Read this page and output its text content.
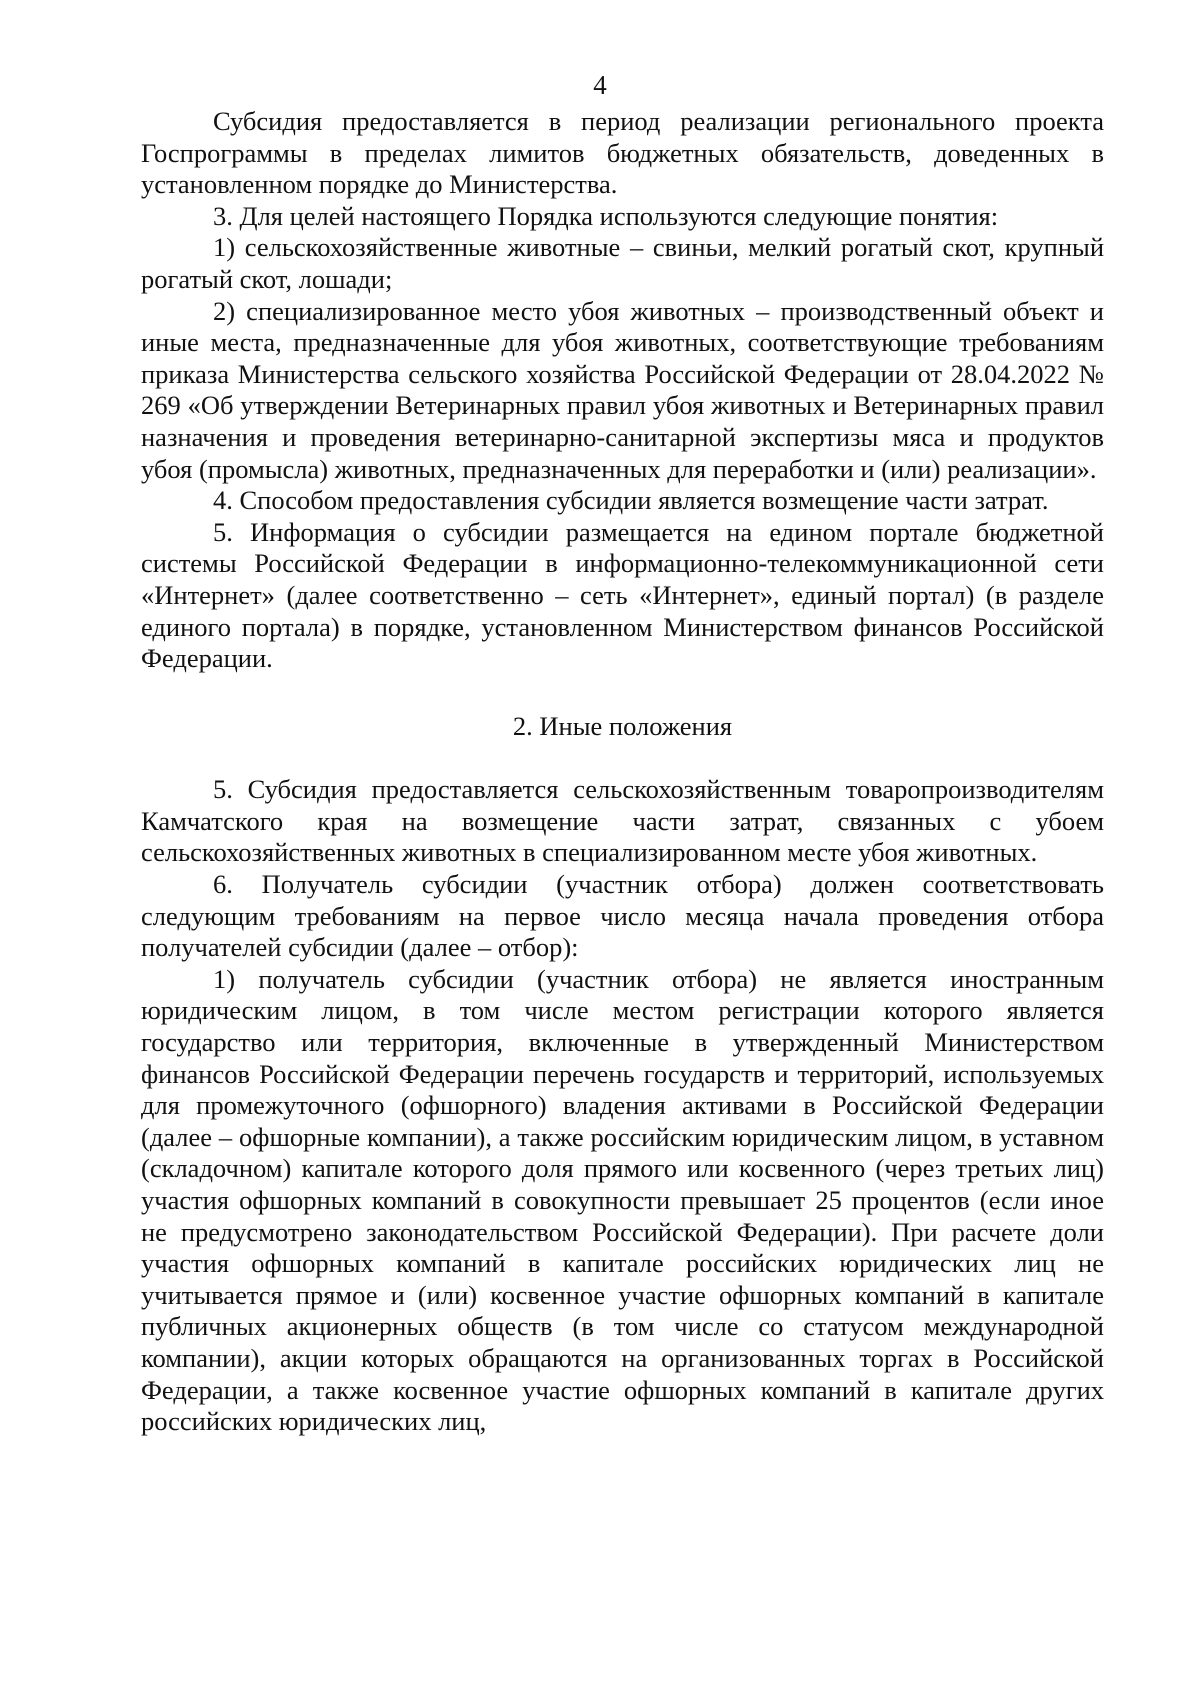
4

Субсидия предоставляется в период реализации регионального проекта Госпрограммы в пределах лимитов бюджетных обязательств, доведенных в установленном порядке до Министерства.

3. Для целей настоящего Порядка используются следующие понятия:

1) сельскохозяйственные животные – свиньи, мелкий рогатый скот, крупный рогатый скот, лошади;

2) специализированное место убоя животных – производственный объект и иные места, предназначенные для убоя животных, соответствующие требованиям приказа Министерства сельского хозяйства Российской Федерации от 28.04.2022 № 269 «Об утверждении Ветеринарных правил убоя животных и Ветеринарных правил назначения и проведения ветеринарно-санитарной экспертизы мяса и продуктов убоя (промысла) животных, предназначенных для переработки и (или) реализации».

4. Способом предоставления субсидии является возмещение части затрат.

5. Информация о субсидии размещается на едином портале бюджетной системы Российской Федерации в информационно-телекоммуникационной сети «Интернет» (далее соответственно – сеть «Интернет», единый портал) (в разделе единого портала) в порядке, установленном Министерством финансов Российской Федерации.

2. Иные положения

5. Субсидия предоставляется сельскохозяйственным товаропроизводителям Камчатского края на возмещение части затрат, связанных с убоем сельскохозяйственных животных в специализированном месте убоя животных.

6. Получатель субсидии (участник отбора) должен соответствовать следующим требованиям на первое число месяца начала проведения отбора получателей субсидии (далее – отбор):

1) получатель субсидии (участник отбора) не является иностранным юридическим лицом, в том числе местом регистрации которого является государство или территория, включенные в утвержденный Министерством финансов Российской Федерации перечень государств и территорий, используемых для промежуточного (офшорного) владения активами в Российской Федерации (далее – офшорные компании), а также российским юридическим лицом, в уставном (складочном) капитале которого доля прямого или косвенного (через третьих лиц) участия офшорных компаний в совокупности превышает 25 процентов (если иное не предусмотрено законодательством Российской Федерации). При расчете доли участия офшорных компаний в капитале российских юридических лиц не учитывается прямое и (или) косвенное участие офшорных компаний в капитале публичных акционерных обществ (в том числе со статусом международной компании), акции которых обращаются на организованных торгах в Российской Федерации, а также косвенное участие офшорных компаний в капитале других российских юридических лиц,
